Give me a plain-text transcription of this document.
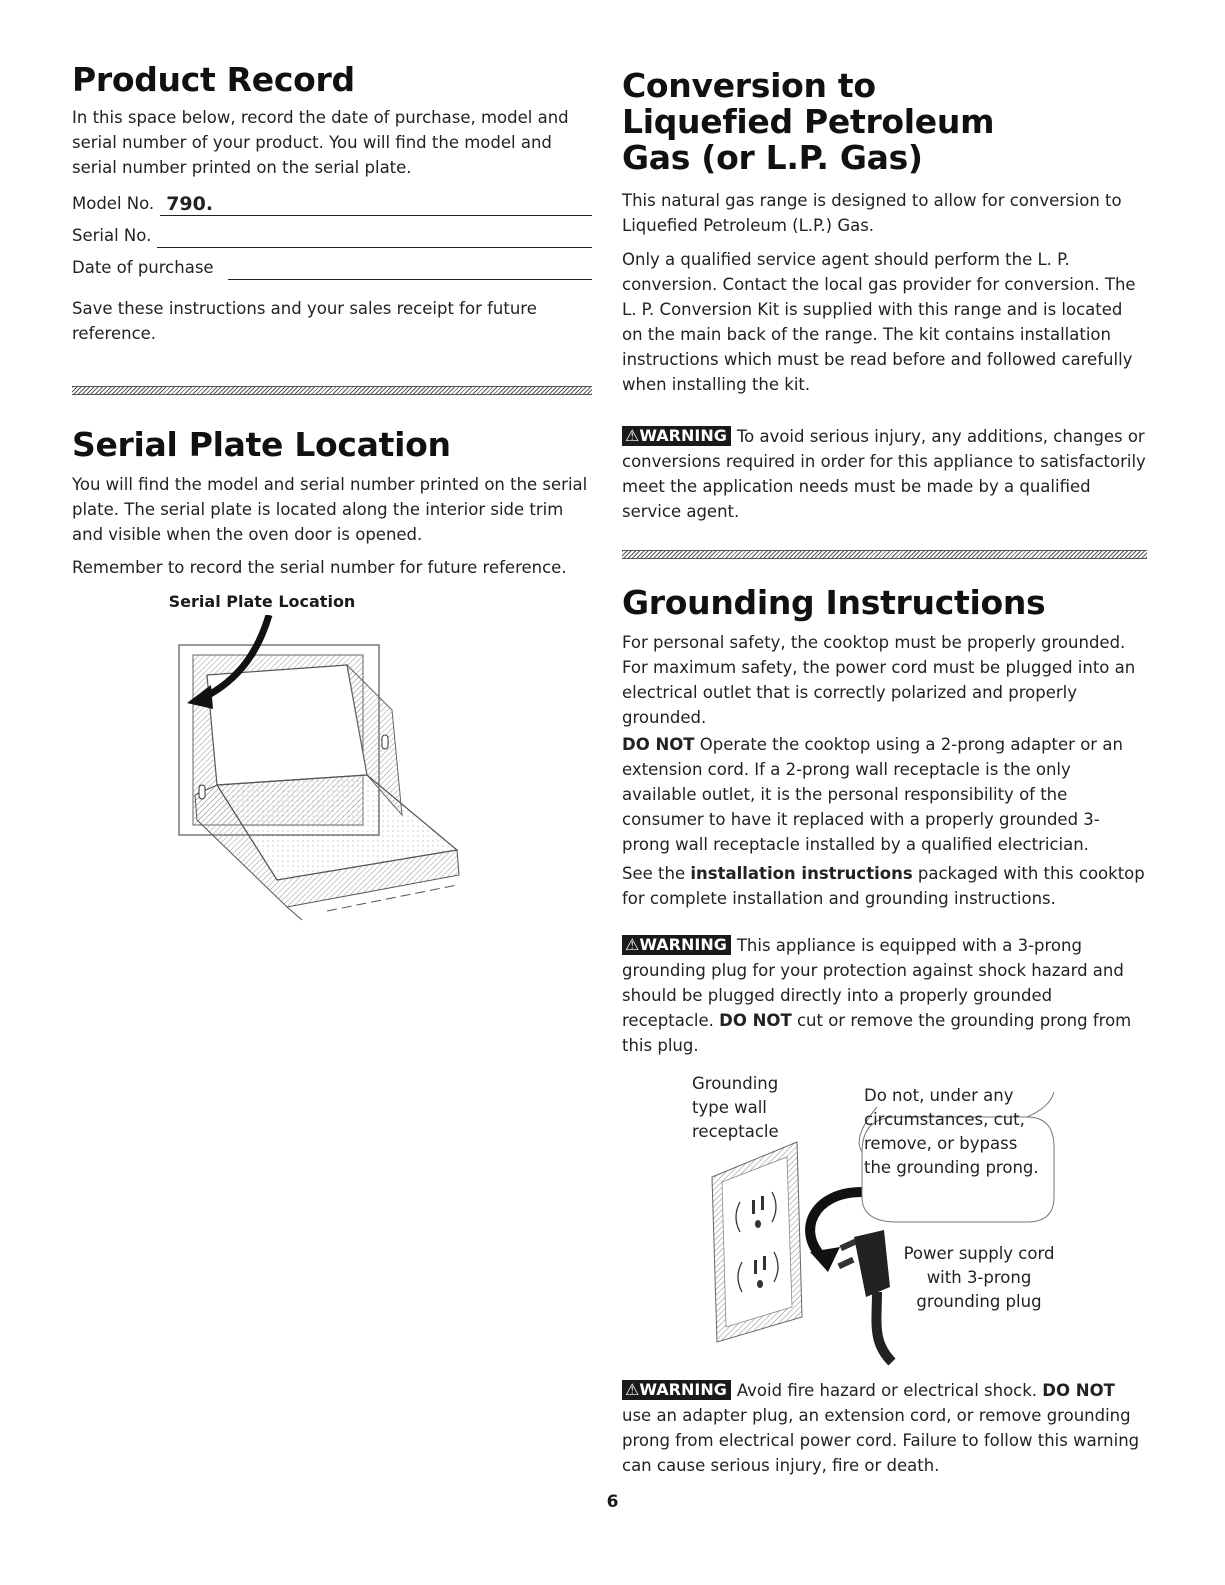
Product Record

In this space below, record the date of purchase, model and serial number of your product. You will find the model and serial number printed on the serial plate.

Model No. 790.
Serial No.
Date of purchase

Save these instructions and your sales receipt for future reference.

Serial Plate Location

You will find the model and serial number printed on the serial plate. The serial plate is located along the interior side trim and visible when the oven door is opened.

Remember to record the serial number for future reference.

Serial Plate Location
Conversion to Liquefied Petroleum Gas (or L.P. Gas)

This natural gas range is designed to allow for conversion to Liquefied Petroleum (L.P.) Gas.

Only a qualified service agent should perform the L. P. conversion. Contact the local gas provider for conversion. The L. P. Conversion Kit is supplied with this range and is located on the main back of the range. The kit contains installation instructions which must be read before and followed carefully when installing the kit.

⚠WARNING To avoid serious injury, any additions, changes or conversions required in order for this appliance to satisfactorily meet the application needs must be made by a qualified service agent.

Grounding Instructions

For personal safety, the cooktop must be properly grounded. For maximum safety, the power cord must be plugged into an electrical outlet that is correctly polarized and properly grounded.

DO NOT Operate the cooktop using a 2-prong adapter or an extension cord. If a 2-prong wall receptacle is the only available outlet, it is the personal responsibility of the consumer to have it replaced with a properly grounded 3-prong wall receptacle installed by a qualified electrician.

See the installation instructions packaged with this cooktop for complete installation and grounding instructions.

⚠WARNING This appliance is equipped with a 3-prong grounding plug for your protection against shock hazard and should be plugged directly into a properly grounded receptacle. DO NOT cut or remove the grounding prong from this plug.

Grounding type wall receptacle
Do not, under any circumstances, cut, remove, or bypass the grounding prong.
Power supply cord with 3-prong grounding plug

⚠WARNING Avoid fire hazard or electrical shock. DO NOT use an adapter plug, an extension cord, or remove grounding prong from electrical power cord. Failure to follow this warning can cause serious injury, fire or death.

6
